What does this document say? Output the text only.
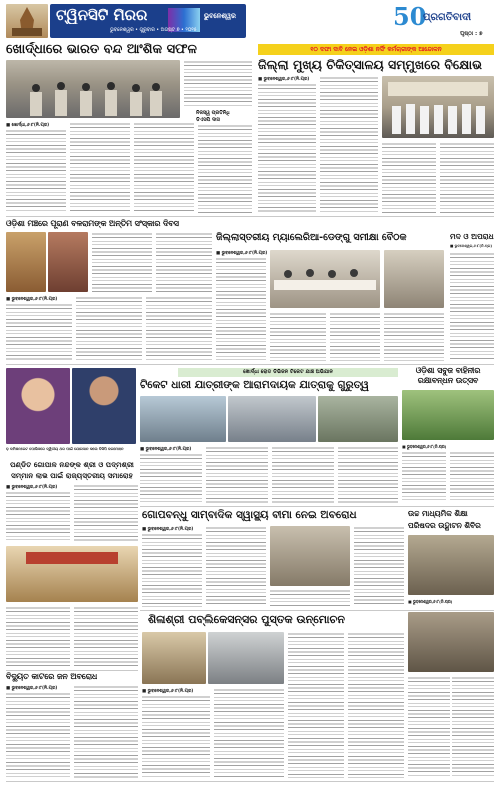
ଟ୍ୱିନସିଟି ମିରର	ଭୁବନେଶ୍ୱର
ଭୁବନେଶ୍ୱର • ଗୁରୁବାର • ଅଗଷ୍ଟ ୭ • ୨୦୨୫	50
ପ୍ରଗତିବାଦୀ
ପୃଷ୍ଠା : ୭
ଖୋର୍ଦ୍ଧାରେ ଭାରତ ବନ୍ଦ ଆଂଶିକ ସଫଳ
ନିଜସ୍ୱ ପ୍ରତିନିଧି
ଡିଏସପି ଦାସ
■ ଖୋର୍ଦ୍ଧା,୬।୮(ନି.ପ୍ର)
୧୦ ଦଫା ଦାବି ନେଇ ଓଡ଼ିଶା ନର୍ସିଂ କର୍ମଚାରୀଙ୍କ ଆନ୍ଦୋଳନ
ଜିଲ୍ଲା ମୁଖ୍ୟ ଚିକିତ୍ସାଳୟ ସମ୍ମୁଖରେ ବିକ୍ଷୋଭ
■ ଭୁବନେଶ୍ୱର,୬।୮(ନି.ପ୍ର)
ଓଡ଼ିଶା ମଞ୍ଚରେ ପୂରାଣ ବଳରାମଙ୍କ ଅନ୍ତିମ ସଂସ୍କାର ଦିବସ
■ ଭୁବନେଶ୍ୱର,୬।୮(ନି.ପ୍ର)
ଜିଲ୍ଲାସ୍ତରୀୟ ମ୍ୟାଲେରିଆ-ଡେଙ୍ଗୁ ସମୀକ୍ଷା ବୈଠକ
■ ଭୁବନେଶ୍ୱର,୬।୮(ନି.ପ୍ର)
ମଦ ଓ ଅପରାଧ
■ ଭୁବନେଶ୍ୱର,୬।୮(ନି.ପ୍ର)
ଖୋର୍ଦ୍ଧା ରୋଡ ଡିଭିଜନ ଟିକେଟ ଯାଞ୍ଚ ଅଭିଯାନ
ଟିକେଟ ଧାରୀ ଯାତ୍ରୀଙ୍କ ଆରାମଦାୟକ ଯାତ୍ରାକୁ ଗୁରୁତ୍ୱ
■ ଭୁବନେଶ୍ୱର,୬।୮(ନି.ପ୍ର)
ଓଡ଼ିଶା ସବୁଜ ବାହିନୀର ରକ୍ଷାବନ୍ଧନ ଉତ୍ସବ
■ ଭୁବନେଶ୍ୱର,୬।୮(ନି.ପ୍ର)
ଡ଼ କମିଶନରେଟ ପୋଲିସରେ ଦ୍ୱିତୀୟ ଥର ପାଇଁ ଯୋଗଦାନ କଲେ ଡିସିପି ଜଗମୋହନ
ପଣ୍ଡିତ ଗୋପାଳ ନନ୍ଦଙ୍କ ଶ୍ରୀ ଓ ପଦ୍ମଶ୍ରୀ
ସମ୍ମାନ ଲାଭ ପାଇଁ ରାଜ୍ୟସ୍ତରୀୟ ସମାରୋହ
■ ଭୁବନେଶ୍ୱର,୬।୮(ନି.ପ୍ର)
ଗୋପବନ୍ଧୁ ସାମ୍ବାଦିକ ସ୍ୱାସ୍ଥ୍ୟ ବୀମା ନେଇ ଅବରୋଧ
■ ଭୁବନେଶ୍ୱର,୬।୮(ନି.ପ୍ର)
ଉଚ୍ଚ ମାଧ୍ୟମିକ ଶିକ୍ଷା
ପରିଷଦର ଉଦ୍ଘାଟନ ଶିବିର
■ ଭୁବନେଶ୍ୱର,୬।୮(ନି.ପ୍ର)
ଶିଳାଶ୍ରୀ ପବ୍ଲିକେସନ୍ସର ପୁସ୍ତକ ଉନ୍ମୋଚନ
■ ଭୁବନେଶ୍ୱର,୬।୮(ନି.ପ୍ର)
ବିଦ୍ୟୁତ କାଟରେ ଜନ ଅବରୋଧ
■ ଭୁବନେଶ୍ୱର,୬।୮(ନି.ପ୍ର)
